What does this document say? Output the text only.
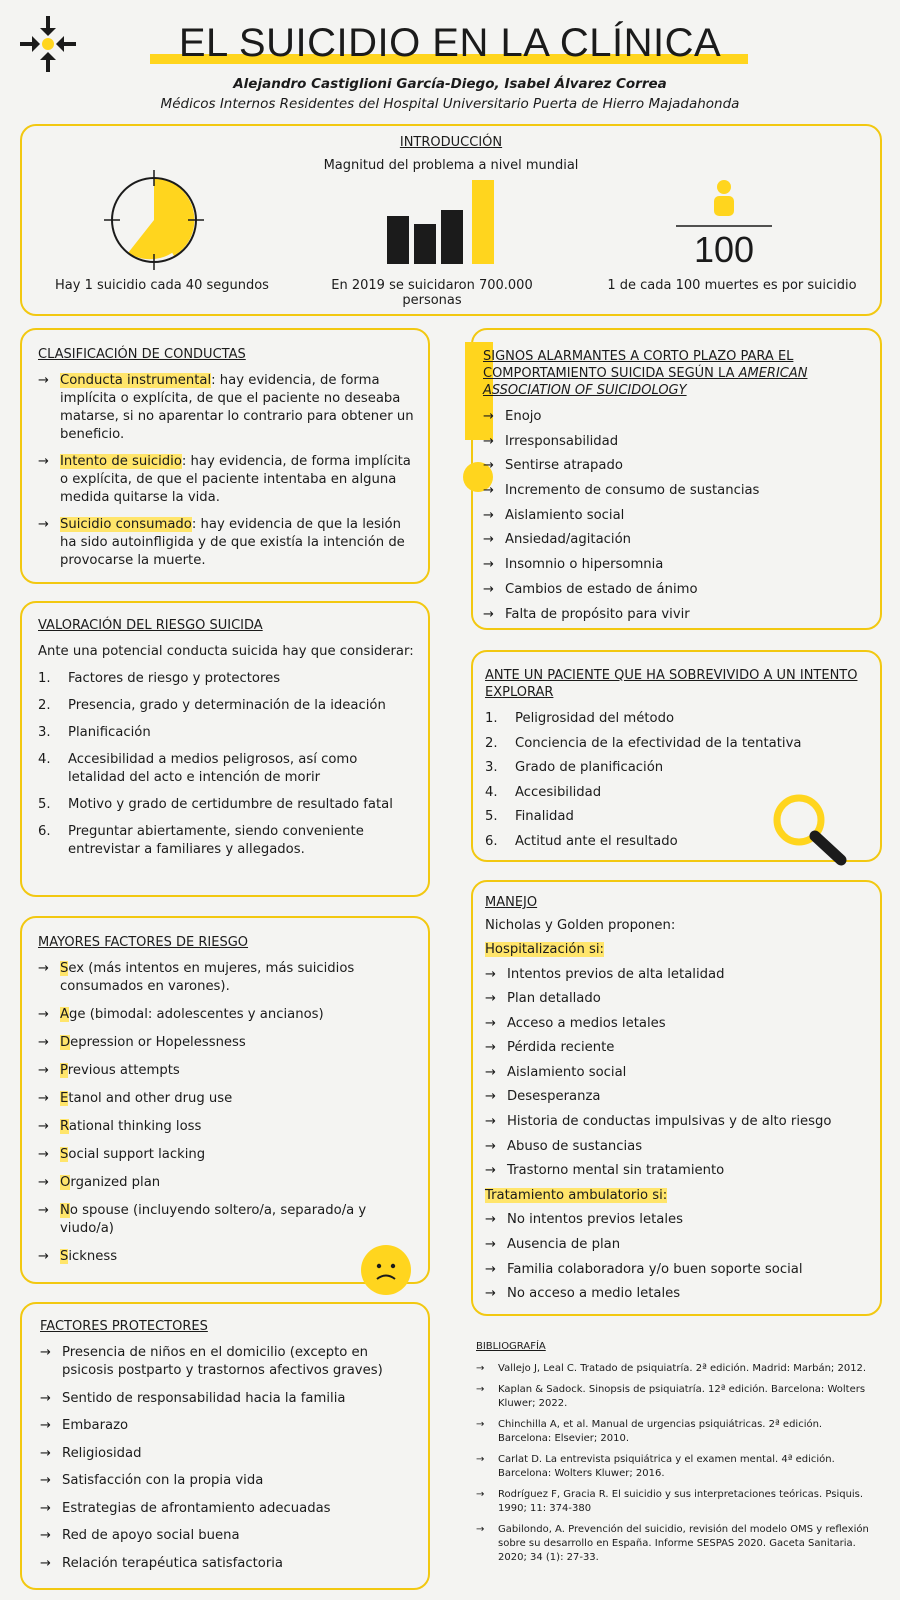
EL SUICIDIO EN LA CLÍNICA
Alejandro Castiglioni García-Diego, Isabel Álvarez Correa
Médicos Internos Residentes del Hospital Universitario Puerta de Hierro Majadahonda
INTRODUCCIÓN
Magnitud del problema a nivel mundial
100
Hay 1 suicidio cada 40 segundos	En 2019 se suicidaron 700.000 personas
1 de cada 100 muertes es por suicidio
CLASIFICACIÓN DE CONDUCTAS
→ Conducta instrumental: hay evidencia, de forma implícita o explícita, de que el paciente no deseaba matarse, si no aparentar lo contrario para obtener un beneficio.
→ Intento de suicidio: hay evidencia, de forma implícita o explícita, de que el paciente intentaba en alguna medida quitarse la vida.
→ Suicidio consumado: hay evidencia de que la lesión ha sido autoinfligida y de que existía la intención de provocarse la muerte.
SIGNOS ALARMANTES A CORTO PLAZO PARA EL COMPORTAMIENTO SUICIDA SEGÚN LA AMERICAN ASSOCIATION OF SUICIDOLOGY
→ Enojo
→ Irresponsabilidad
→ Sentirse atrapado
→ Incremento de consumo de sustancias
→ Aislamiento social
→ Ansiedad/agitación
→ Insomnio o hipersomnia
→ Cambios de estado de ánimo
→ Falta de propósito para vivir
VALORACIÓN DEL RIESGO SUICIDA
Ante una potencial conducta suicida hay que considerar:
1. Factores de riesgo y protectores
2. Presencia, grado y determinación de la ideación
3. Planificación
4. Accesibilidad a medios peligrosos, así como letalidad del acto e intención de morir
5. Motivo y grado de certidumbre de resultado fatal
6. Preguntar abiertamente, siendo conveniente entrevistar a familiares y allegados.
ANTE UN PACIENTE QUE HA SOBREVIVIDO A UN INTENTO EXPLORAR
1. Peligrosidad del método
2. Conciencia de la efectividad de la tentativa
3. Grado de planificación
4. Accesibilidad
5. Finalidad
6. Actitud ante el resultado
MAYORES FACTORES DE RIESGO
→ Sex (más intentos en mujeres, más suicidios consumados en varones).
→ Age (bimodal: adolescentes y ancianos)
→ Depression or Hopelessness
→ Previous attempts
→ Etanol and other drug use
→ Rational thinking loss
→ Social support lacking
→ Organized plan
→ No spouse (incluyendo soltero/a, separado/a y viudo/a)
→ Sickness
MANEJO
Nicholas y Golden proponen:
Hospitalización si:
→ Intentos previos de alta letalidad
→ Plan detallado
→ Acceso a medios letales
→ Pérdida reciente
→ Aislamiento social
→ Desesperanza
→ Historia de conductas impulsivas y de alto riesgo
→ Abuso de sustancias
→ Trastorno mental sin tratamiento
Tratamiento ambulatorio si:
→ No intentos previos letales
→ Ausencia de plan
→ Familia colaboradora y/o buen soporte social
→ No acceso a medio letales
FACTORES PROTECTORES
→ Presencia de niños en el domicilio (excepto en psicosis postparto y trastornos afectivos graves)
→ Sentido de responsabilidad hacia la familia
→ Embarazo
→ Religiosidad
→ Satisfacción con la propia vida
→ Estrategias de afrontamiento adecuadas
→ Red de apoyo social buena
→ Relación terapéutica satisfactoria
BIBLIOGRAFÍA
→ Vallejo J, Leal C. Tratado de psiquiatría. 2ª edición. Madrid: Marbán; 2012.
→ Kaplan & Sadock. Sinopsis de psiquiatría. 12ª edición. Barcelona: Wolters Kluwer; 2022.
→ Chinchilla A, et al. Manual de urgencias psiquiátricas. 2ª edición. Barcelona: Elsevier; 2010.
→ Carlat D. La entrevista psiquiátrica y el examen mental. 4ª edición. Barcelona: Wolters Kluwer; 2016.
→ Rodríguez F, Gracia R. El suicidio y sus interpretaciones teóricas. Psiquis. 1990; 11: 374-380
→ Gabilondo, A. Prevención del suicidio, revisión del modelo OMS y reflexión sobre su desarrollo en España. Informe SESPAS 2020. Gaceta Sanitaria. 2020; 34 (1): 27-33.
